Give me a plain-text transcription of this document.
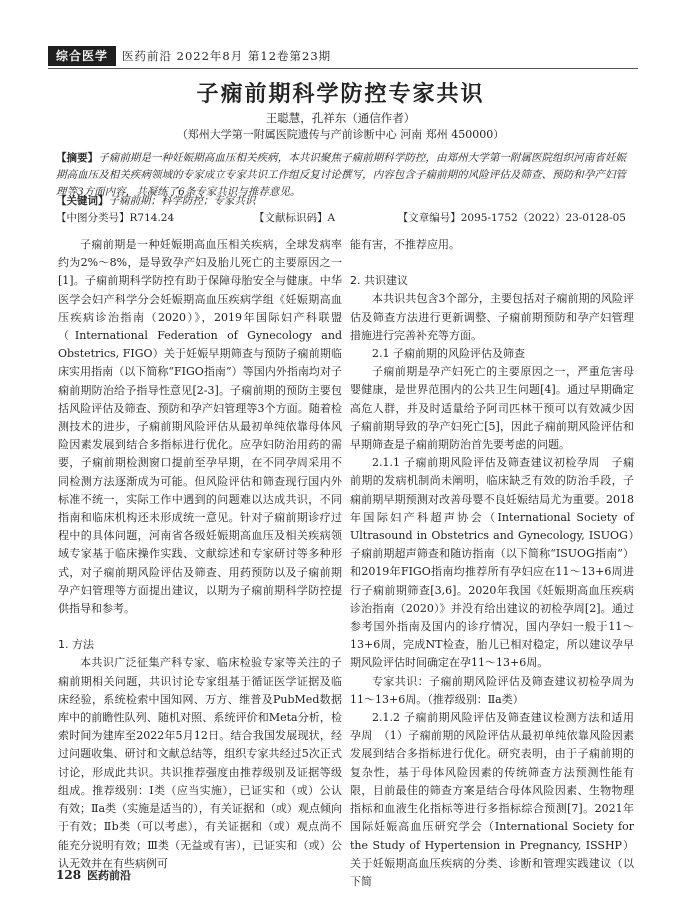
综合医学	医药前沿 2022年8月 第12卷第23期
子痫前期科学防控专家共识
王聪慧，孔祥东（通信作者）
（郑州大学第一附属医院遗传与产前诊断中心 河南 郑州 450000）
【摘要】子痫前期是一种妊娠期高血压相关疾病，本共识聚焦子痫前期科学防控，由郑州大学第一附属医院组织河南省妊娠期高血压及相关疾病领域的专家成立专家共识工作组反复讨论撰写，内容包含子痫前期的风险评估及筛查、预防和孕产妇管理等3方面内容，共凝练了6条专家共识与推荐意见。
【关键词】子痫前期；科学防控；专家共识
【中图分类号】R714.24	【文献标识码】A	【文章编号】2095-1752（2022）23-0128-05

子痫前期是一种妊娠期高血压相关疾病，全球发病率约为2%～8%，是导致孕产妇及胎儿死亡的主要原因之一[1]。子痫前期科学防控有助于保障母胎安全与健康。中华医学会妇产科学分会妊娠期高血压疾病学组《妊娠期高血压疾病诊治指南（2020）》，2019年国际妇产科联盟（International Federation of Gynecology and Obstetrics, FIGO）关于妊娠早期筛查与预防子痫前期临床实用指南（以下简称“FIGO指南”）等国内外指南均对子痫前期防治给予指导性意见[2-3]。子痫前期的预防主要包括风险评估及筛查、预防和孕产妇管理等3个方面。随着检测技术的进步，子痫前期风险评估从最初单纯依靠母体风险因素发展到结合多指标进行优化。应孕妇防治用药的需要，子痫前期检测窗口提前至孕早期，在不同孕周采用不同检测方法逐渐成为可能。但风险评估和筛查现行国内外标准不统一，实际工作中遇到的问题难以达成共识，不同指南和临床机构还未形成统一意见。针对子痫前期诊疗过程中的具体问题，河南省各级妊娠期高血压及相关疾病领域专家基于临床操作实践、文献综述和专家研讨等多种形式，对子痫前期风险评估及筛查、用药预防以及子痫前期孕产妇管理等方面提出建议，以期为子痫前期科学防控提供指导和参考。

1. 方法

本共识广泛征集产科专家、临床检验专家等关注的子痫前期相关问题，共识讨论专家组基于循证医学证据及临床经验，系统检索中国知网、万方、维普及PubMed数据库中的前瞻性队列、随机对照、系统评价和Meta分析，检索时间为建库至2022年5月12日。结合我国发展现状，经过问题收集、研讨和文献总结等，组织专家共经过5次正式讨论，形成此共识。共识推荐强度由推荐级别及证据等级组成。推荐级别：Ⅰ类（应当实施），已证实和（或）公认有效；Ⅱa类（实施是适当的），有关证据和（或）观点倾向于有效；Ⅱb类（可以考虑），有关证据和（或）观点尚不能充分说明有效；Ⅲ类（无益或有害），已证实和（或）公认无效并在有些病例可

能有害，不推荐应用。

2. 共识建议

本共识共包含3个部分，主要包括对子痫前期的风险评估及筛查方法进行更新调整、子痫前期预防和孕产妇管理措施进行完善补充等方面。

2.1 子痫前期的风险评估及筛查

子痫前期是孕产妇死亡的主要原因之一，严重危害母婴健康，是世界范围内的公共卫生问题[4]。通过早期确定高危人群，并及时适量给予阿司匹林干预可以有效减少因子痫前期导致的孕产妇死亡[5]，因此子痫前期风险评估和早期筛查是子痫前期防治首先要考虑的问题。

2.1.1 子痫前期风险评估及筛查建议初检孕周　子痫前期的发病机制尚未阐明，临床缺乏有效的防治手段，子痫前期早期预测对改善母婴不良妊娠结局尤为重要。2018年国际妇产科超声协会（International Society of Ultrasound in Obstetrics and Gynecology, ISUOG）子痫前期超声筛查和随访指南（以下简称“ISUOG指南”）和2019年FIGO指南均推荐所有孕妇应在11～13+6周进行子痫前期筛查[3,6]。2020年我国《妊娠期高血压疾病诊治指南（2020）》并没有给出建议的初检孕周[2]。通过参考国外指南及国内的诊疗情况，国内孕妇一般于11～13+6周，完成NT检查，胎儿已相对稳定，所以建议孕早期风险评估时间确定在孕11～13+6周。

专家共识：子痫前期风险评估及筛查建议初检孕周为11～13+6周。（推荐级别：Ⅱa类）

2.1.2 子痫前期风险评估及筛查建议检测方法和适用孕周　（1）子痫前期的风险评估从最初单纯依靠风险因素发展到结合多指标进行优化。研究表明，由于子痫前期的复杂性，基于母体风险因素的传统筛查方法预测性能有限，目前最佳的筛查方案是结合母体风险因素、生物物理指标和血液生化指标等进行多指标综合预测[7]。2021年国际妊娠高血压研究学会（International Society for the Study of Hypertension in Pregnancy, ISSHP）关于妊娠期高血压疾病的分类、诊断和管理实践建议（以下简

128 医药前沿
